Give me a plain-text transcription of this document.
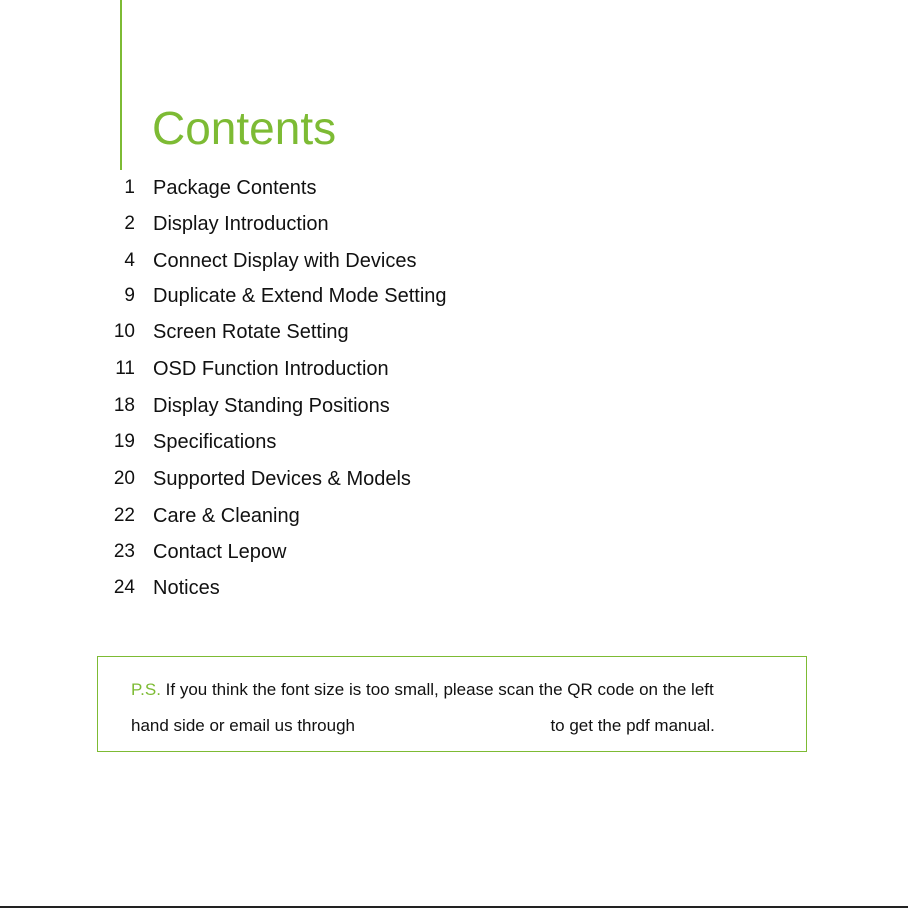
Contents
1 Package Contents
2 Display Introduction
4 Connect Display with Devices
9 Duplicate & Extend Mode Setting
10 Screen Rotate Setting
11 OSD Function Introduction
18 Display Standing Positions
19 Specifications
20 Supported Devices & Models
22 Care & Cleaning
23 Contact Lepow
24 Notices
P.S. If you think the font size is too small, please scan the QR code on the left
hand side or email us through	to get the pdf manual.
